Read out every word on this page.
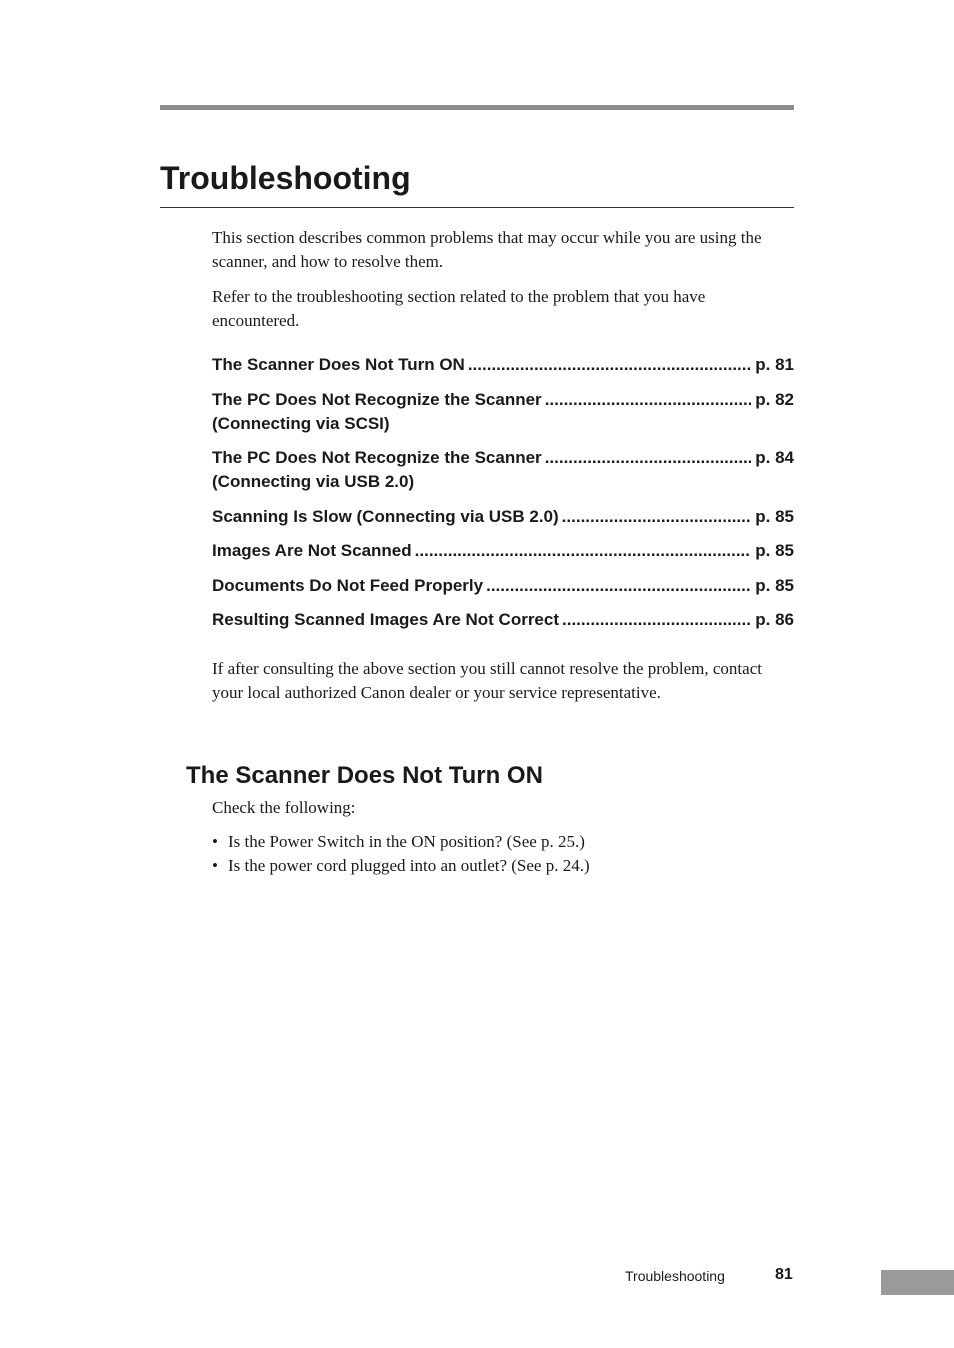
Troubleshooting

This section describes common problems that may occur while you are using the scanner, and how to resolve them.

Refer to the troubleshooting section related to the problem that you have encountered.

The Scanner Does Not Turn ON .....	p. 81
The PC Does Not Recognize the Scanner .....	p. 82
(Connecting via SCSI)
The PC Does Not Recognize the Scanner .....	p. 84
(Connecting via USB 2.0)
Scanning Is Slow (Connecting via USB 2.0) .....	p. 85
Images Are Not Scanned .....	p. 85
Documents Do Not Feed Properly .....	p. 85
Resulting Scanned Images Are Not Correct .....	p. 86

If after consulting the above section you still cannot resolve the problem, contact your local authorized Canon dealer or your service representative.

The Scanner Does Not Turn ON

Check the following:

• Is the Power Switch in the ON position? (See p. 25.)
• Is the power cord plugged into an outlet? (See p. 24.)
Troubleshooting	81
